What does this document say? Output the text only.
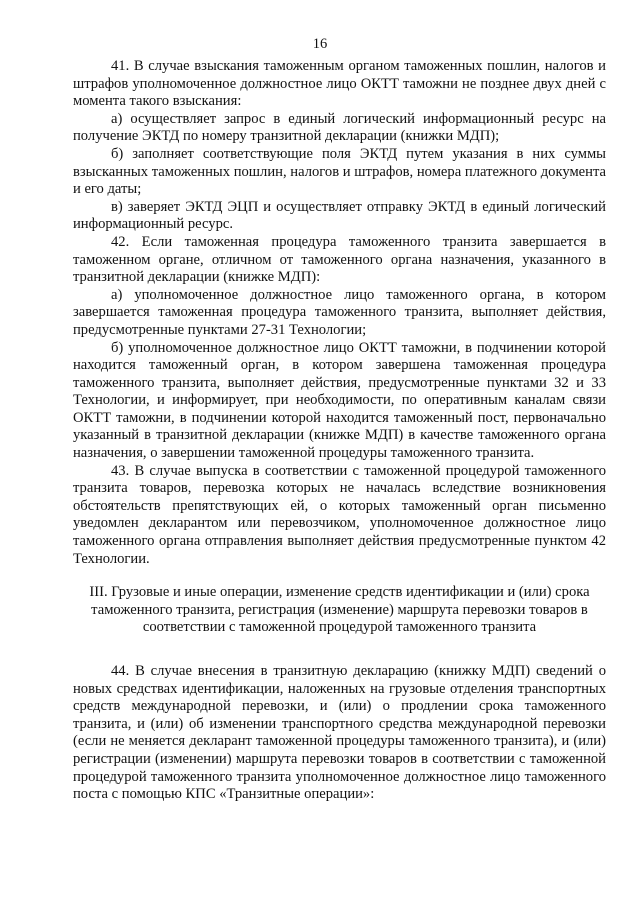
16

41. В случае взыскания таможенным органом таможенных пошлин, налогов и штрафов уполномоченное должностное лицо ОКТТ таможни не позднее двух дней с момента такого взыскания:

а) осуществляет запрос в единый логический информационный ресурс на получение ЭКТД по номеру транзитной декларации (книжки МДП);

б) заполняет соответствующие поля ЭКТД путем указания в них суммы взысканных таможенных пошлин, налогов и штрафов, номера платежного документа и его даты;

в) заверяет ЭКТД ЭЦП и осуществляет отправку ЭКТД в единый логический информационный ресурс.

42. Если таможенная процедура таможенного транзита завершается в таможенном органе, отличном от таможенного органа назначения, указанного в транзитной декларации (книжке МДП):

а) уполномоченное должностное лицо таможенного органа, в котором завершается таможенная процедура таможенного транзита, выполняет действия, предусмотренные пунктами 27-31 Технологии;

б) уполномоченное должностное лицо ОКТТ таможни, в подчинении которой находится таможенный орган, в котором завершена таможенная процедура таможенного транзита, выполняет действия, предусмотренные пунктами 32 и 33 Технологии, и информирует, при необходимости, по оперативным каналам связи ОКТТ таможни, в подчинении которой находится таможенный пост, первоначально указанный в транзитной декларации (книжке МДП) в качестве таможенного органа назначения, о завершении таможенной процедуры таможенного транзита.

43. В случае выпуска в соответствии с таможенной процедурой таможенного транзита товаров, перевозка которых не началась вследствие возникновения обстоятельств препятствующих ей, о которых таможенный орган письменно уведомлен декларантом или перевозчиком, уполномоченное должностное лицо таможенного органа отправления выполняет действия предусмотренные пунктом 42 Технологии.

III. Грузовые и иные операции, изменение средств идентификации и (или) срока таможенного транзита, регистрация (изменение) маршрута перевозки товаров в соответствии с таможенной процедурой таможенного транзита

44. В случае внесения в транзитную декларацию (книжку МДП) сведений о новых средствах идентификации, наложенных на грузовые отделения транспортных средств международной перевозки, и (или) о продлении срока таможенного транзита, и (или) об изменении транспортного средства международной перевозки (если не меняется декларант таможенной процедуры таможенного транзита), и (или) регистрации (изменении) маршрута перевозки товаров в соответствии с таможенной процедурой таможенного транзита уполномоченное должностное лицо таможенного поста с помощью КПС «Транзитные операции»:
